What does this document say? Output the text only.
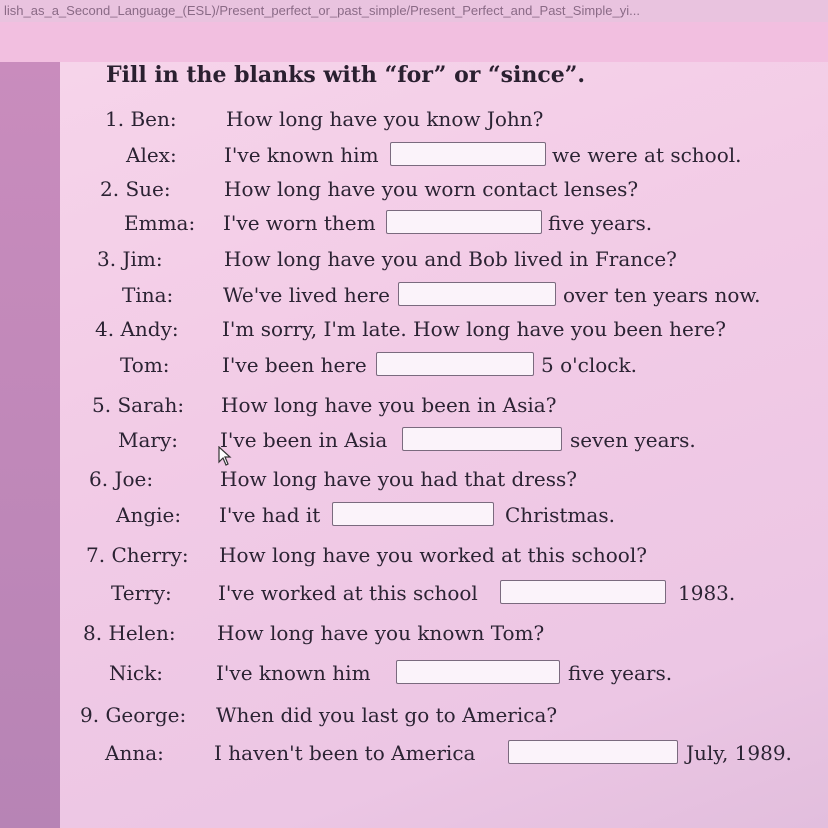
lish_as_a_Second_Language_(ESL)/Present_perfect_or_past_simple/Present_Perfect_and_Past_Simple_yi...
Fill in the blanks with “for” or “since”.
1. Ben: How long have you know John?
Alex: I've known him	we were at school.
2. Sue:	How long have you worn contact lenses?
Emma: I've worn them	five years.
3. Jim:	How long have you and Bob lived in France?
Tina: We've lived here	over ten years now.
4. Andy: I'm sorry, I'm late. How long have you been here?
Tom:	I've been here	5 o'clock.
5. Sarah: How long have you been in Asia?
Mary: I've been in Asia	seven years.
6. Joe:	How long have you had that dress?
Angie: I've had it	Christmas.
7. Cherry: How long have you worked at this school?
Terry: I've worked at this school	1983.
8. Helen: How long have you known Tom?
Nick:	I've known him	five years.
9. George: When did you last go to America?
Anna:	I haven't been to America	July, 1989.
